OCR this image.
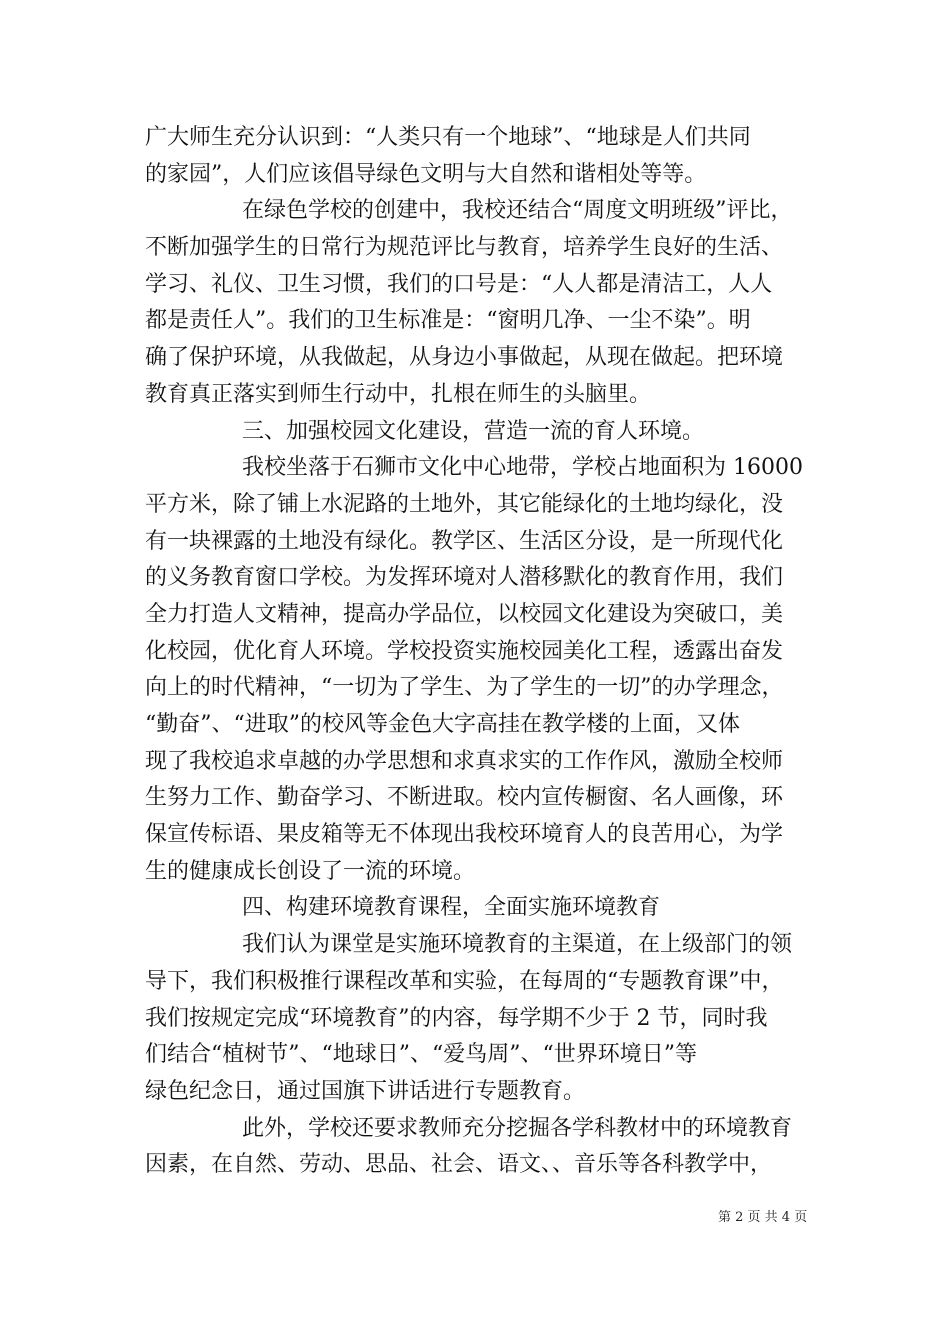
广大师生充分认识到：“人类只有一个地球”、“地球是人们共同
的家园”，人们应该倡导绿色文明与大自然和谐相处等等。
在绿色学校的创建中，我校还结合“周度文明班级”评比，
不断加强学生的日常行为规范评比与教育，培养学生良好的生活、
学习、礼仪、卫生习惯，我们的口号是：“人人都是清洁工，人人
都是责任人”。我们的卫生标准是：“窗明几净、一尘不染”。明
确了保护环境，从我做起，从身边小事做起，从现在做起。把环境
教育真正落实到师生行动中，扎根在师生的头脑里。
三、加强校园文化建设，营造一流的育人环境。
我校坐落于石狮市文化中心地带，学校占地面积为 16000
平方米，除了铺上水泥路的土地外，其它能绿化的土地均绿化，没
有一块裸露的土地没有绿化。教学区、生活区分设，是一所现代化
的义务教育窗口学校。为发挥环境对人潜移默化的教育作用，我们
全力打造人文精神，提高办学品位，以校园文化建设为突破口，美
化校园，优化育人环境。学校投资实施校园美化工程，透露出奋发
向上的时代精神，“一切为了学生、为了学生的一切”的办学理念，
“勤奋”、“进取”的校风等金色大字高挂在教学楼的上面，又体
现了我校追求卓越的办学思想和求真求实的工作作风，激励全校师
生努力工作、勤奋学习、不断进取。校内宣传橱窗、名人画像，环
保宣传标语、果皮箱等无不体现出我校环境育人的良苦用心，为学
生的健康成长创设了一流的环境。
四、构建环境教育课程，全面实施环境教育
我们认为课堂是实施环境教育的主渠道，在上级部门的领
导下，我们积极推行课程改革和实验，在每周的“专题教育课”中，
我们按规定完成“环境教育”的内容，每学期不少于 2 节，同时我
们结合“植树节”、“地球日”、“爱鸟周”、“世界环境日”等
绿色纪念日，通过国旗下讲话进行专题教育。
此外，学校还要求教师充分挖掘各学科教材中的环境教育
因素，在自然、劳动、思品、社会、语文、、音乐等各科教学中，
第 2 页 共 4 页
